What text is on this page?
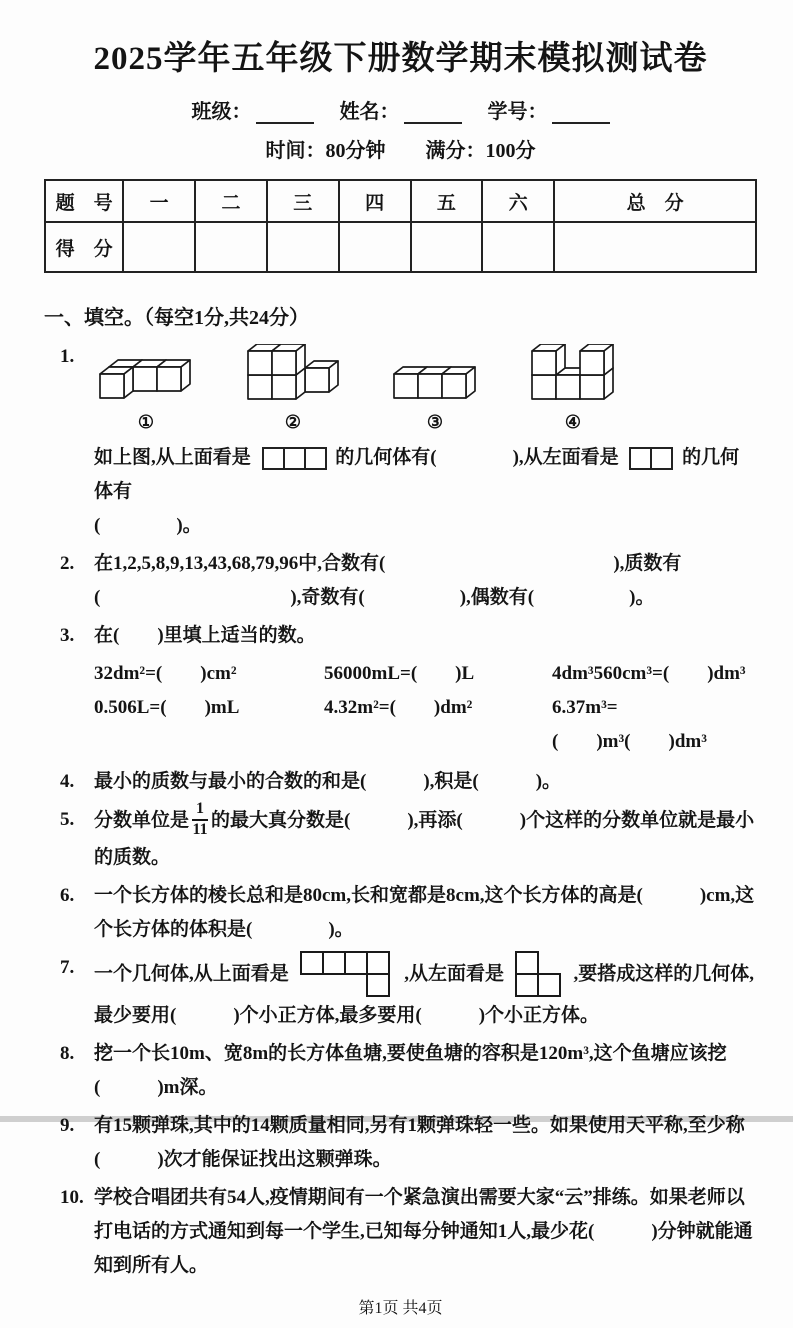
2025学年五年级下册数学期末模拟测试卷
班级：	姓名：	学号：
时间：80分钟 满分：100分
题　号	一	二	三	四	五	六	总　分
得　分							
一、填空。（每空1分,共24分）
1.
①	②	③	④
如上图,从上面看是	的几何体有(　　　　),从左面看是	的几何体有
(　　　　)。
2.	在1,2,5,8,9,13,43,68,79,96中,合数有(　　　　　　　　　　　　),质数有(　　　　　　　　　　),奇数有(　　　　　),偶数有(　　　　　)。
3.	在(　　)里填上适当的数。
32dm²=(　　)cm²	56000mL=(　　)L	4dm³560cm³=(　　)dm³
0.506L=(　　)mL	4.32m²=(　　)dm²	6.37m³=(　　)m³(　　)dm³
4.	最小的质数与最小的合数的和是(　　　),积是(　　　)。
5.	分数单位是 $\frac{1}{11}$ 的最大真分数是(　　　),再添(　　　)个这样的分数单位就是最小的质数。
6.	一个长方体的棱长总和是80cm,长和宽都是8cm,这个长方体的高是(　　　)cm,这个长方体的体积是(　　　　)。
7.	一个几何体,从上面看是	,从左面看是	,要搭成这样的几何体,最少要用(　　　)个小正方体,最多要用(　　　)个小正方体。
8.	挖一个长10m、宽8m的长方体鱼塘,要使鱼塘的容积是120m³,这个鱼塘应该挖(　　　)m深。
9.	有15颗弹珠,其中的14颗质量相同,另有1颗弹珠轻一些。如果使用天平称,至少称(　　　)次才能保证找出这颗弹珠。
10. 学校合唱团共有54人,疫情期间有一个紧急演出需要大家“云”排练。如果老师以打电话的方式通知到每一个学生,已知每分钟通知1人,最少花(　　　)分钟就能通知到所有人。
第1页 共4页
